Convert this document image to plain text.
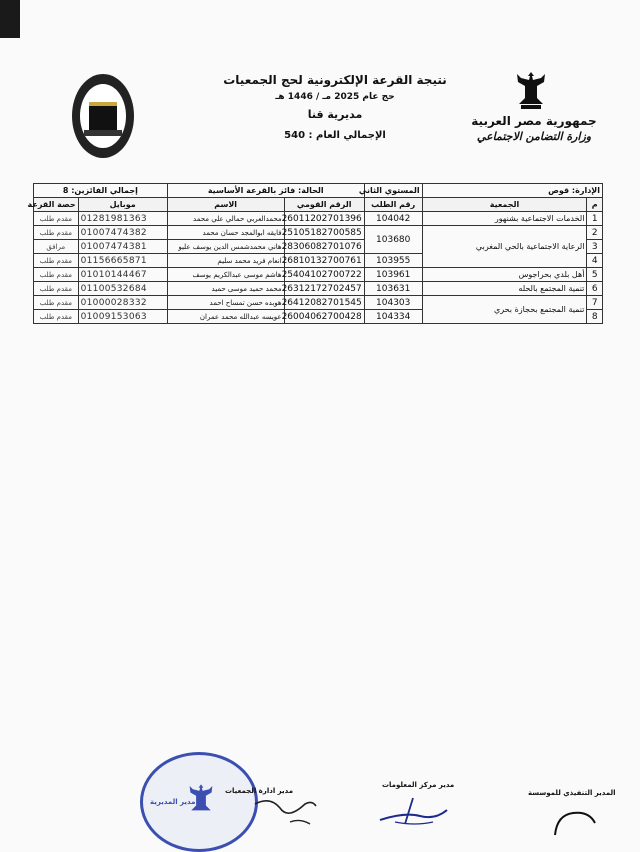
نتيجة القرعة الإلكترونية لحج الجمعيات
حج عام 2025 مـ / 1446 هـ
مديرية قنا
الإجمالي العام : 540
جمهورية مصر العربية
وزارة التضامن الاجتماعي
الإدارة: قوص		المستوي الثاني	الحالة: فائز بالقرعة الأساسية		إجمالي الفائزين: 8	
م	الجمعية	رقم الطلب	الرقم القومي	الاسم	موبايل	حصة القرعة
1	الخدمات الاجتماعية بشنهور	104042	26011202701396	محمدالعربي حمالي علي محمد	01281981363	مقدم طلب
2	الرعاية الاجتماعية بالحي المغربي	103680	25105182700585	فايقه ابوالمجد حسان محمد	01007474382	مقدم طلب
3			28306082701076	هاني محمدشمس الدين يوسف عليو	01007474381	مرافق
4		103955	26810132700761	انعام فريد محمد سليم	01156665871	مقدم طلب
5	أهل بلدي بحراجوس	103961	25404102700722	هاشم موسى عبدالكريم يوسف	01010144467	مقدم طلب
6	تنمية المجتمع بالحله	103631	26312172702457	محمد حميد موسى حميد	01100532684	مقدم طلب
7	تنمية المجتمع بحجازة بحري	104303	26412082701545	هوبده حسن تمساح احمد	01000028332	مقدم طلب
8		104334	26004062700428	عويسه عبدالله محمد عمران	01009153063	مقدم طلب
المدير التنفيذي للموسسة
مدير مركز المعلومات
مدير ادارة الجمعيات
مدير المديرية
